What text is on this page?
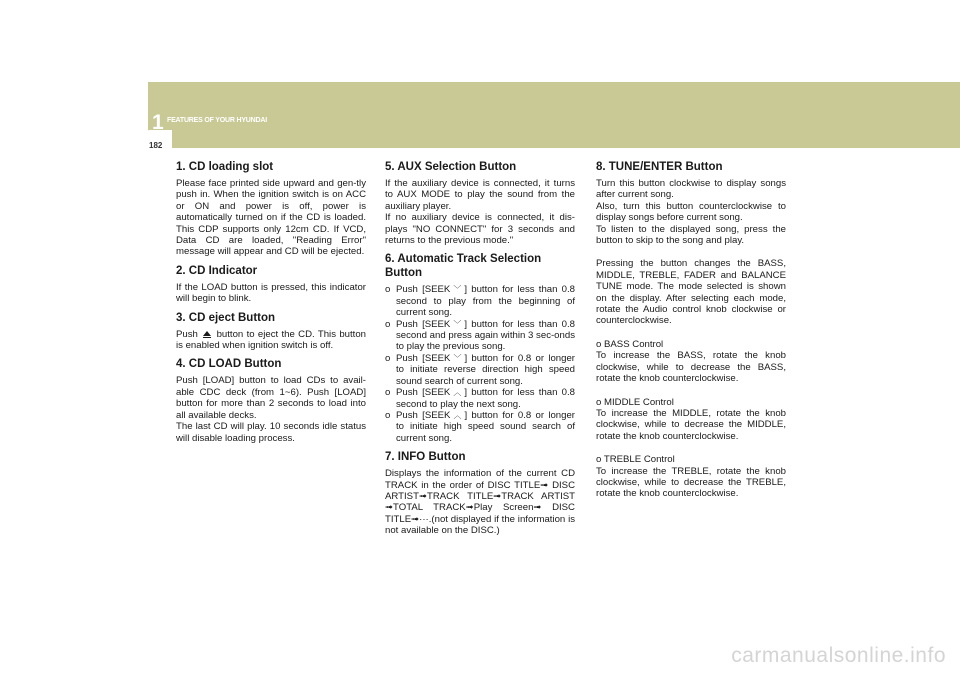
1 FEATURES OF YOUR HYUNDAI
182
1. CD loading slot

Please face printed side upward and gen-tly push in. When the ignition switch is on ACC or ON and power is off, power is automatically turned on if the CD is loaded. This CDP supports only 12cm CD. If VCD, Data CD are loaded, "Reading Error" message will appear and CD will be ejected.

2. CD Indicator

If the LOAD button is pressed, this indicator will begin to blink.

3. CD eject Button

Push button to eject the CD. This button is enabled when ignition switch is off.

4. CD LOAD Button

Push [LOAD] button to load CDs to avail-able CDC deck (from 1~6). Push [LOAD] button for more than 2 seconds to load into all available decks.

The last CD will play. 10 seconds idle status will disable loading process.

5. AUX Selection Button

If the auxiliary device is connected, it turns to AUX MODE to play the sound from the auxiliary player.

If no auxiliary device is connected, it dis-plays "NO CONNECT" for 3 seconds and returns to the previous mode."

6. Automatic Track Selection Button
o Push [SEEK ﹀ ] button for less than 0.8 second to play from the beginning of current song.
o Push [SEEK ﹀ ] button for less than 0.8 second and press again within 3 sec-onds to play the previous song.
o Push [SEEK ﹀ ] button for 0.8 or longer to initiate reverse direction high speed sound search of current song.
o Push [SEEK ︿ ] button for less than 0.8 second to play the next song.
o Push [SEEK ︿ ] button for 0.8 or longer to initiate high speed sound search of current song.
7. INFO Button

Displays the information of the current CD TRACK in the order of DISC TITLE➟ DISC ARTIST➟TRACK TITLE➟TRACK ARTIST ➟TOTAL TRACK➟Play Screen➟ DISC TITLE➟···.(not displayed if the information is not available on the DISC.)

8. TUNE/ENTER Button

Turn this button clockwise to display songs after current song.

Also, turn this button counterclockwise to display songs before current song.

To listen to the displayed song, press the button to skip to the song and play.

Pressing the button changes the BASS, MIDDLE, TREBLE, FADER and BALANCE TUNE mode. The mode selected is shown on the display. After selecting each mode, rotate the Audio control knob clockwise or counterclockwise.

o BASS Control

To increase the BASS, rotate the knob clockwise, while to decrease the BASS, rotate the knob counterclockwise.

o MIDDLE Control

To increase the MIDDLE, rotate the knob clockwise, while to decrease the MIDDLE, rotate the knob counterclockwise.

o TREBLE Control

To increase the TREBLE, rotate the knob clockwise, while to decrease the TREBLE, rotate the knob counterclockwise.

carmanualsonline.info
